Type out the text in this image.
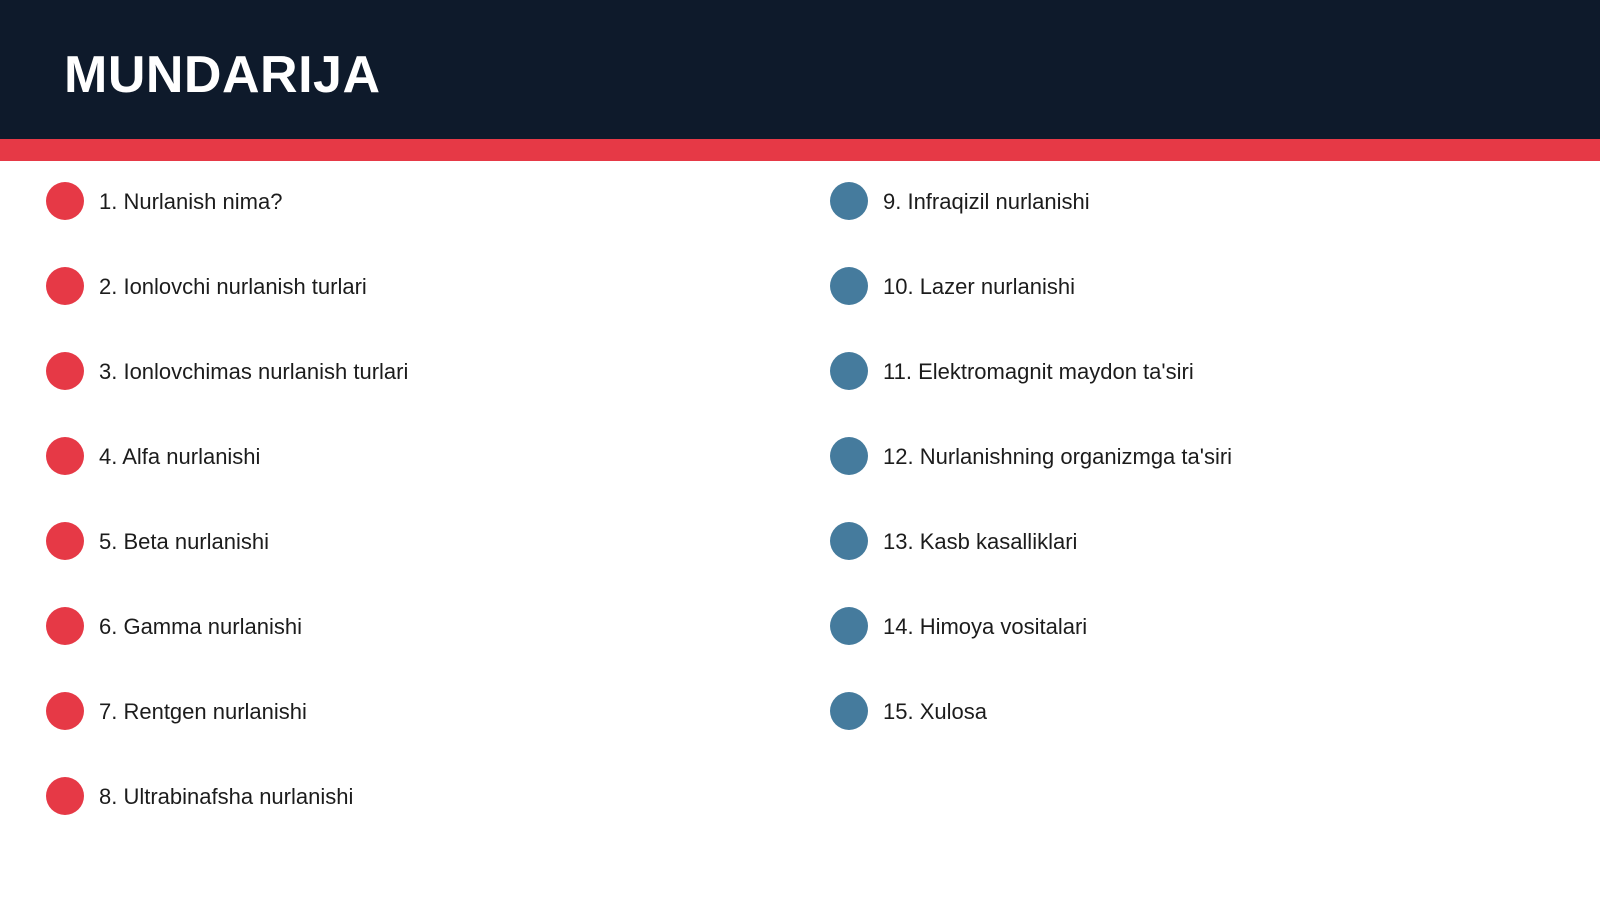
MUNDARIJA
1. Nurlanish nima?
2. Ionlovchi nurlanish turlari
3. Ionlovchimas nurlanish turlari
4. Alfa nurlanishi
5. Beta nurlanishi
6. Gamma nurlanishi
7. Rentgen nurlanishi
8. Ultrabinafsha nurlanishi
9. Infraqizil nurlanishi
10. Lazer nurlanishi
11. Elektromagnit maydon ta'siri
12. Nurlanishning organizmga ta'siri
13. Kasb kasalliklari
14. Himoya vositalari
15. Xulosa
